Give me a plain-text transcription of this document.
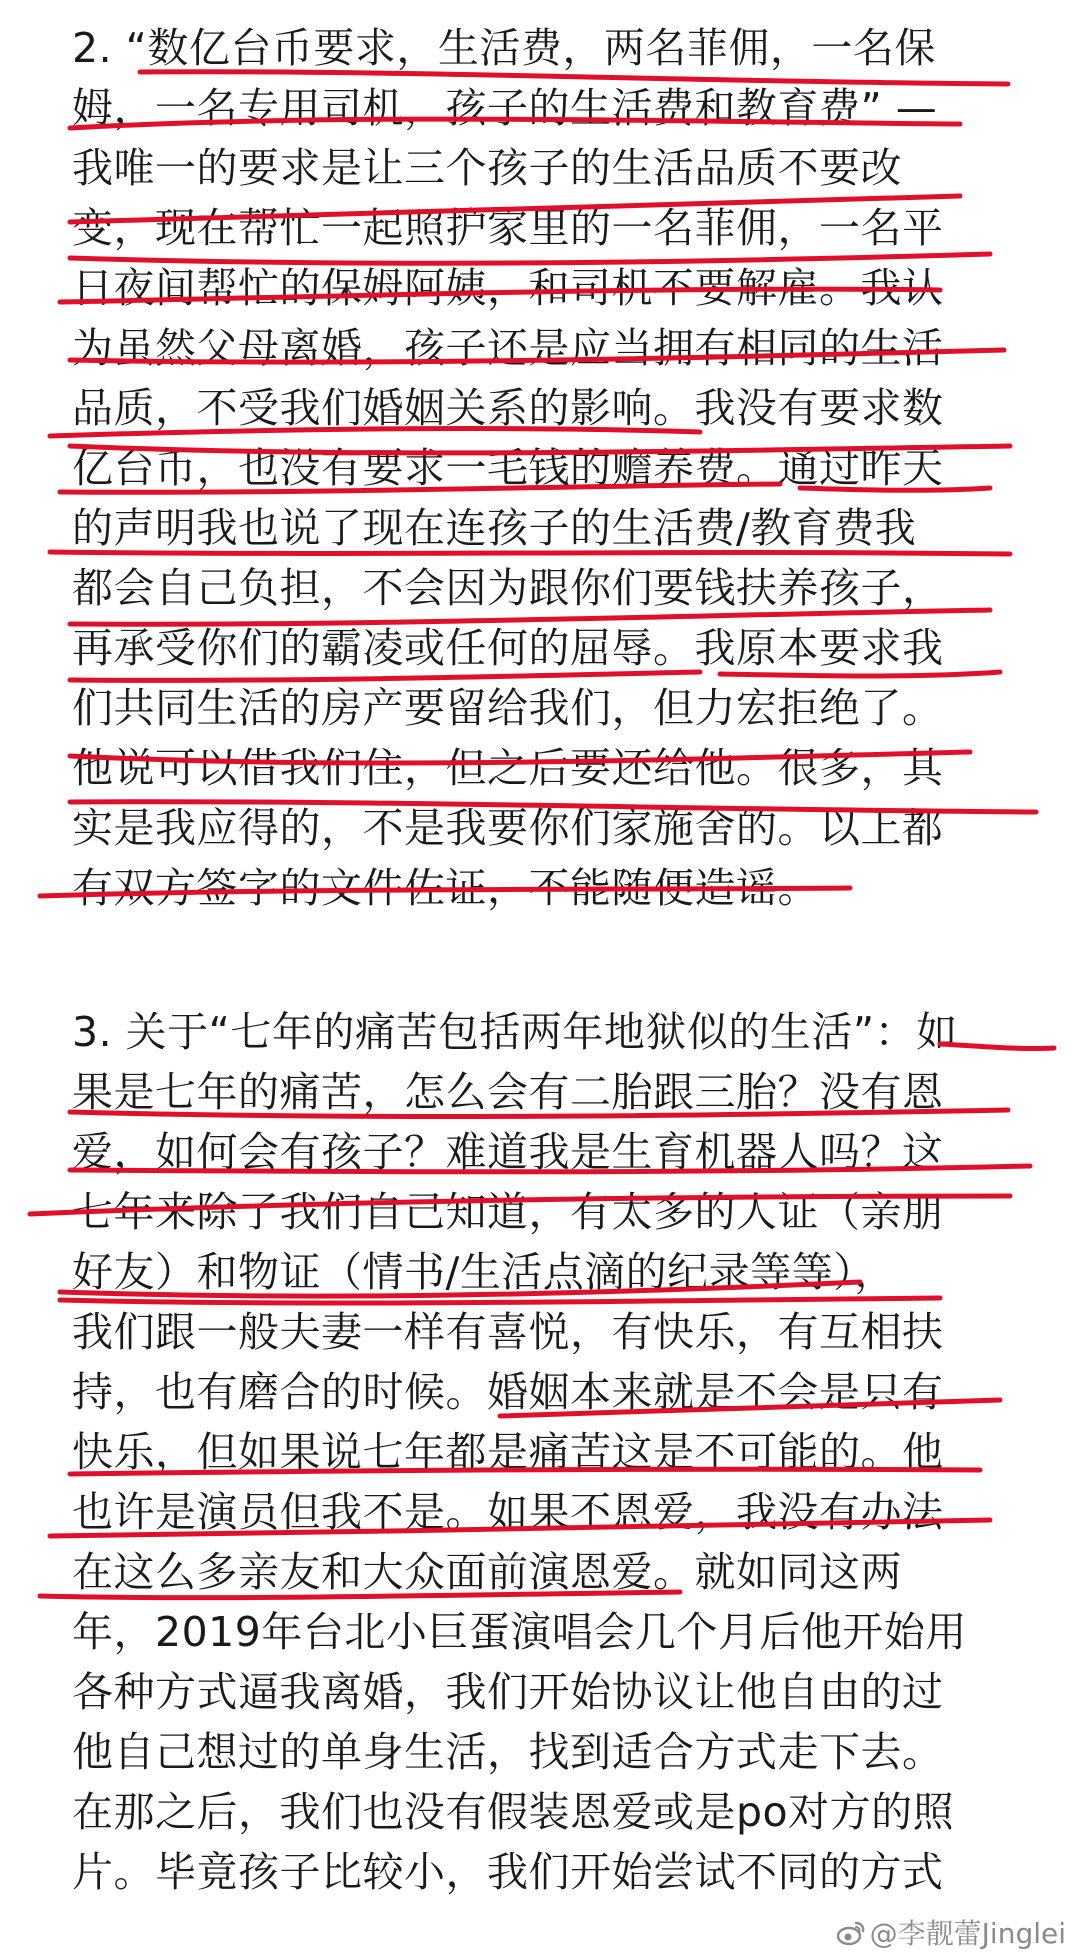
2. “数亿台币要求，生活费，两名菲佣，一名保
姆，一名专用司机，孩子的生活费和教育费” —
我唯一的要求是让三个孩子的生活品质不要改
变，现在帮忙一起照护家里的一名菲佣，一名平
日夜间帮忙的保姆阿姨，和司机不要解雇。我认
为虽然父母离婚，孩子还是应当拥有相同的生活
品质，不受我们婚姻关系的影响。我没有要求数
亿台币，也没有要求一毛钱的赡养费。通过昨天
的声明我也说了现在连孩子的生活费/教育费我
都会自己负担，不会因为跟你们要钱扶养孩子，
再承受你们的霸凌或任何的屈辱。我原本要求我
们共同生活的房产要留给我们，但力宏拒绝了。
他说可以借我们住，但之后要还给他。很多，其
实是我应得的，不是我要你们家施舍的。以上都
有双方签字的文件佐证，不能随便造谣。
3. 关于“七年的痛苦包括两年地狱似的生活”：如
果是七年的痛苦，怎么会有二胎跟三胎？没有恩
爱，如何会有孩子？难道我是生育机器人吗？这
七年来除了我们自己知道，有太多的人证（亲朋
好友）和物证（情书/生活点滴的纪录等等），
我们跟一般夫妻一样有喜悦，有快乐，有互相扶
持，也有磨合的时候。婚姻本来就是不会是只有
快乐，但如果说七年都是痛苦这是不可能的。他
也许是演员但我不是。如果不恩爱，我没有办法
在这么多亲友和大众面前演恩爱。就如同这两
年，2019年台北小巨蛋演唱会几个月后他开始用
各种方式逼我离婚，我们开始协议让他自由的过
他自己想过的单身生活，找到适合方式走下去。
在那之后，我们也没有假装恩爱或是po对方的照
片。毕竟孩子比较小，我们开始尝试不同的方式
@李靓蕾Jinglei
